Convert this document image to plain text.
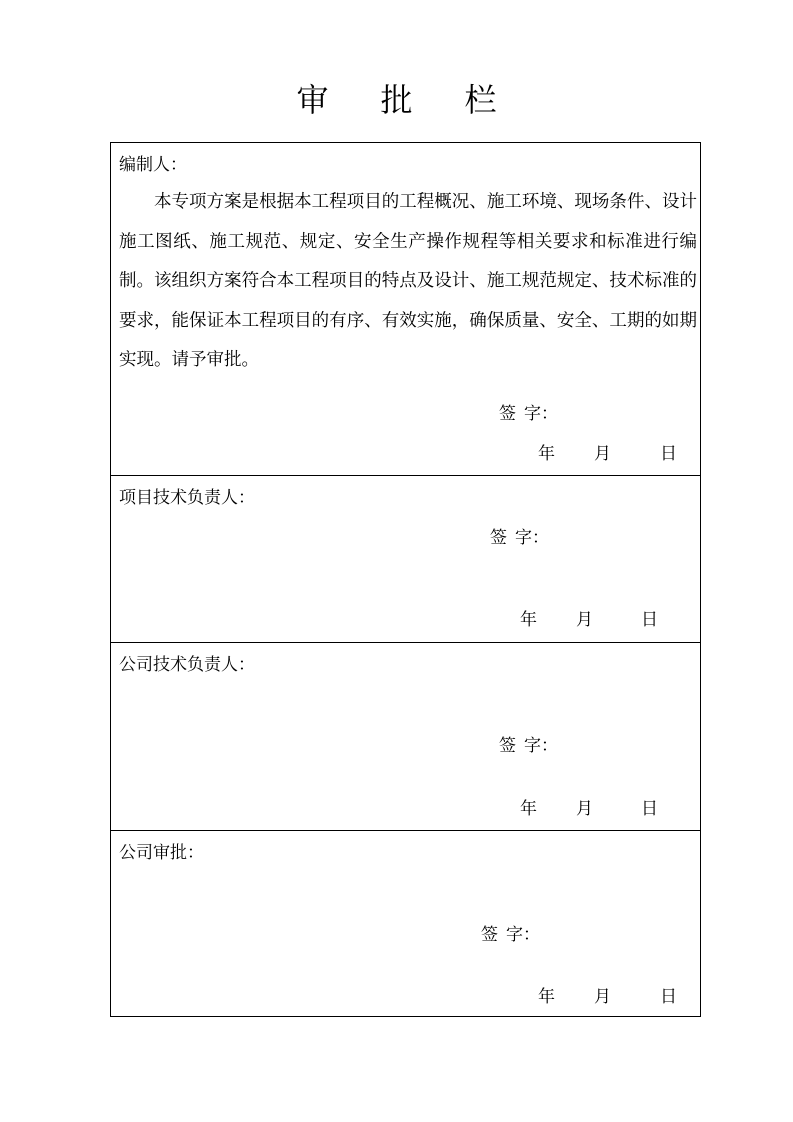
审 批 栏
编制人：
本专项方案是根据本工程项目的工程概况、施工环境、现场条件、设计施工图纸、施工规范、规定、安全生产操作规程等相关要求和标准进行编制。该组织方案符合本工程项目的特点及设计、施工规范规定、技术标准的要求，能保证本工程项目的有序、有效实施，确保质量、安全、工期的如期实现。请予审批。
签 字：
年 月	日
项目技术负责人：
签 字：
年 月	日
公司技术负责人：
签 字：
年 月	日
公司审批：
签 字：
年 月	日
